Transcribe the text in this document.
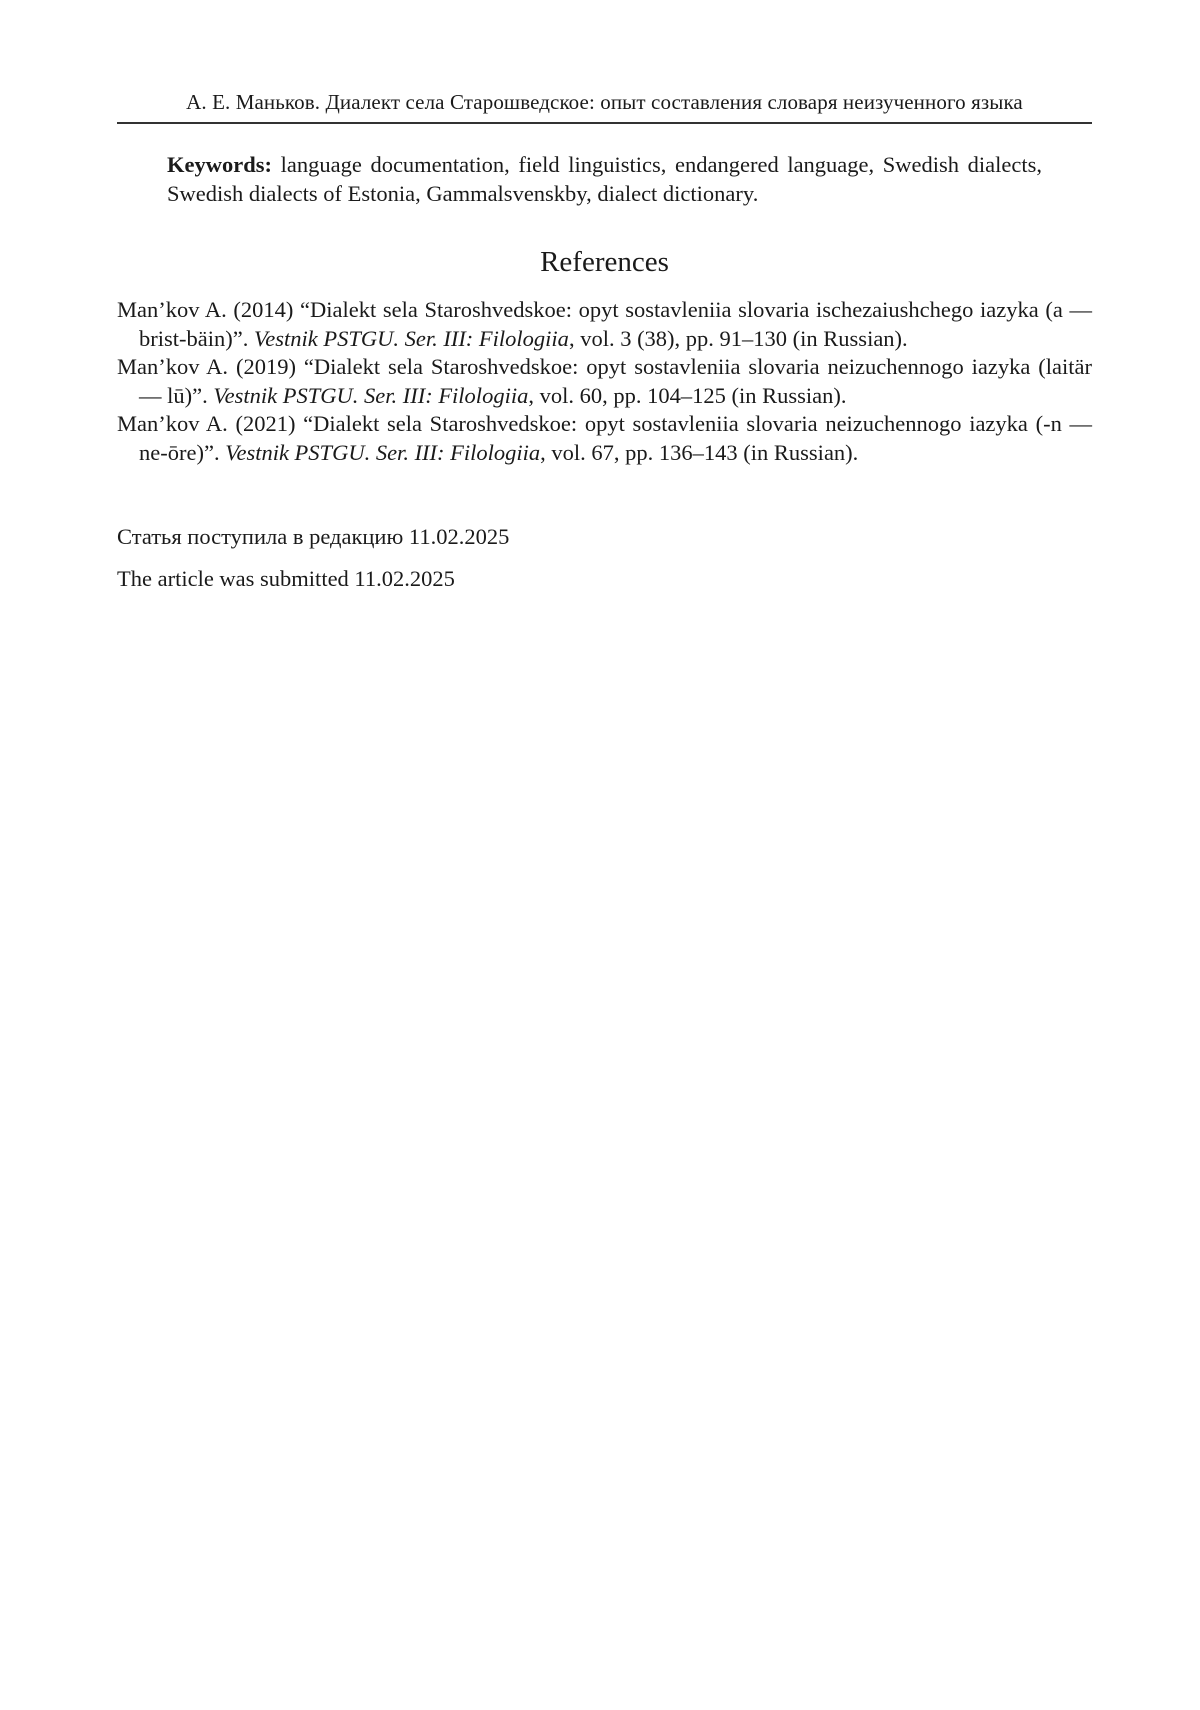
А. Е. Маньков. Диалект села Старошведское: опыт составления словаря неизученного языка

Keywords: language documentation, field linguistics, endangered language, Swedish dialects, Swedish dialects of Estonia, Gammalsvenskby, dialect dictionary.

References
Man’kov A. (2014) “Dialekt sela Staroshvedskoe: opyt sostavleniia slovaria ischezaiushchego iazyka (a — brist-bäin)”. Vestnik PSTGU. Ser. III: Filologiia, vol. 3 (38), pp. 91–130 (in Russian).
Man’kov A. (2019) “Dialekt sela Staroshvedskoe: opyt sostavleniia slovaria neizuchennogo iazyka (laitär — lū)”. Vestnik PSTGU. Ser. III: Filologiia, vol. 60, pp. 104–125 (in Russian).
Man’kov A. (2021) “Dialekt sela Staroshvedskoe: opyt sostavleniia slovaria neizuchennogo iazyka (-n — ne-ōre)”. Vestnik PSTGU. Ser. III: Filologiia, vol. 67, pp. 136–143 (in Russian).
Статья поступила в редакцию 11.02.2025
The article was submitted 11.02.2025
